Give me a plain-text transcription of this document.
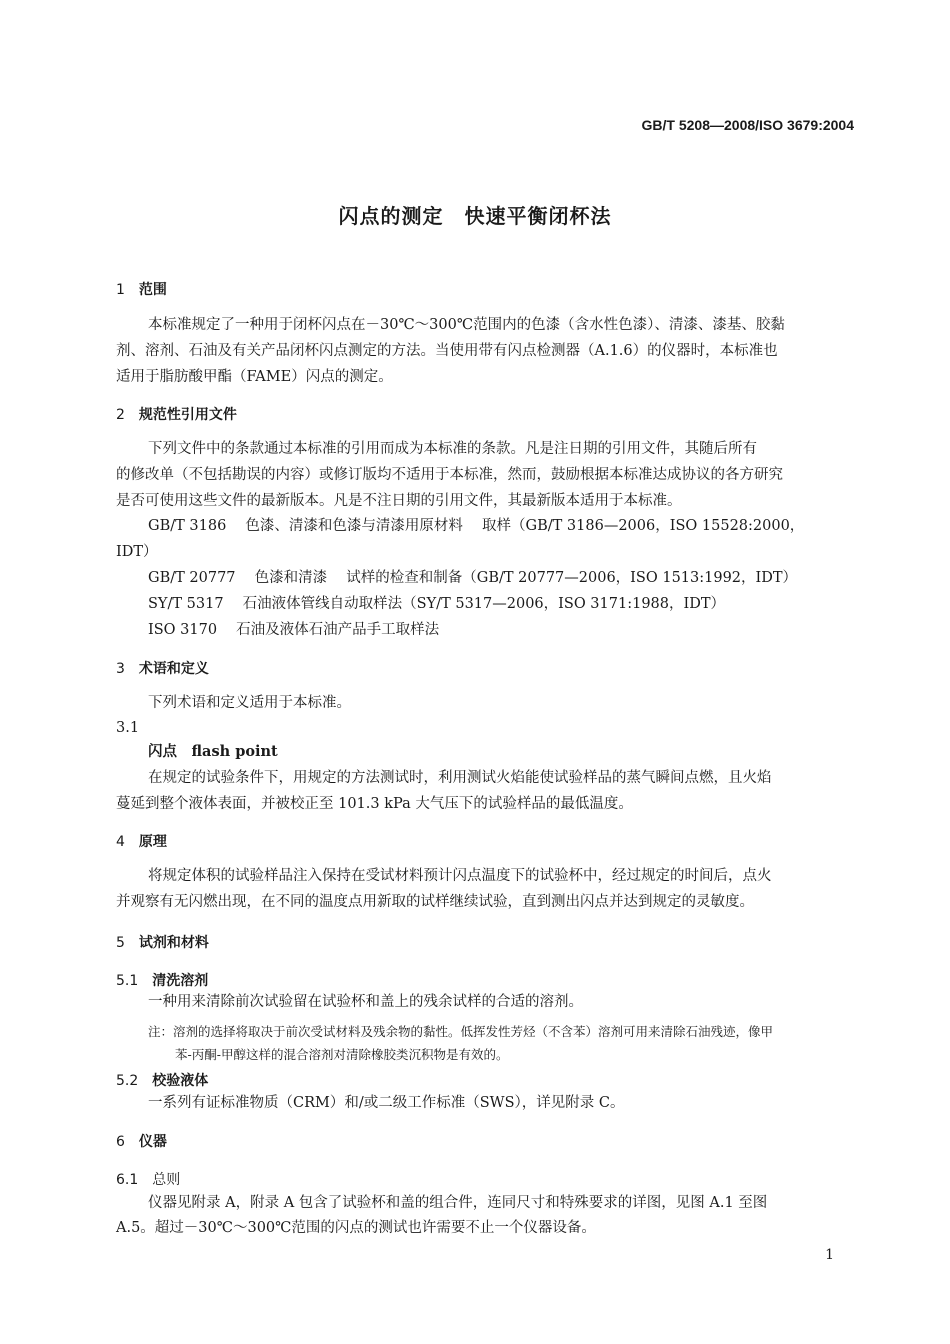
GB/T 5208—2008/ISO 3679:2004
闪点的测定　快速平衡闭杯法
1　 范围
本标准规定了一种用于闭杯闪点在－30℃～300℃范围内的色漆（含水性色漆）、清漆、漆基、胶黏
剂、溶剂、石油及有关产品闭杯闪点测定的方法。当使用带有闪点检测器（A.1.6）的仪器时，本标准也
适用于脂肪酸甲酯（FAME）闪点的测定。
2　 规范性引用文件
下列文件中的条款通过本标准的引用而成为本标准的条款。凡是注日期的引用文件，其随后所有
的修改单（不包括勘误的内容）或修订版均不适用于本标准，然而，鼓励根据本标准达成协议的各方研究
是否可使用这些文件的最新版本。凡是不注日期的引用文件，其最新版本适用于本标准。
GB/T 3186　 色漆、清漆和色漆与清漆用原材料　 取样（GB/T 3186—2006，ISO 15528:2000，
IDT）
GB/T 20777　 色漆和清漆　 试样的检查和制备（GB/T 20777—2006，ISO 1513:1992，IDT）
SY/T 5317　 石油液体管线自动取样法（SY/T 5317—2006，ISO 3171:1988，IDT）
ISO 3170　 石油及液体石油产品手工取样法
3　 术语和定义
下列术语和定义适用于本标准。
3.1
闪点　 flash point
在规定的试验条件下，用规定的方法测试时，利用测试火焰能使试验样品的蒸气瞬间点燃，且火焰
蔓延到整个液体表面，并被校正至 101.3 kPa 大气压下的试验样品的最低温度。
4　 原理
将规定体积的试验样品注入保持在受试材料预计闪点温度下的试验杯中，经过规定的时间后，点火
并观察有无闪燃出现，在不同的温度点用新取的试样继续试验，直到测出闪点并达到规定的灵敏度。
5　 试剂和材料
5.1　 清洗溶剂
一种用来清除前次试验留在试验杯和盖上的残余试样的合适的溶剂。
注：溶剂的选择将取决于前次受试材料及残余物的黏性。低挥发性芳烃（不含苯）溶剂可用来清除石油残迹，像甲
苯-丙酮-甲醇这样的混合溶剂对清除橡胶类沉积物是有效的。
5.2　 校验液体
一系列有证标准物质（CRM）和/或二级工作标准（SWS），详见附录 C。
6　 仪器
6.1　 总则
仪器见附录 A，附录 A 包含了试验杯和盖的组合件，连同尺寸和特殊要求的详图，见图 A.1 至图
A.5。超过－30℃～300℃范围的闪点的测试也许需要不止一个仪器设备。
1
